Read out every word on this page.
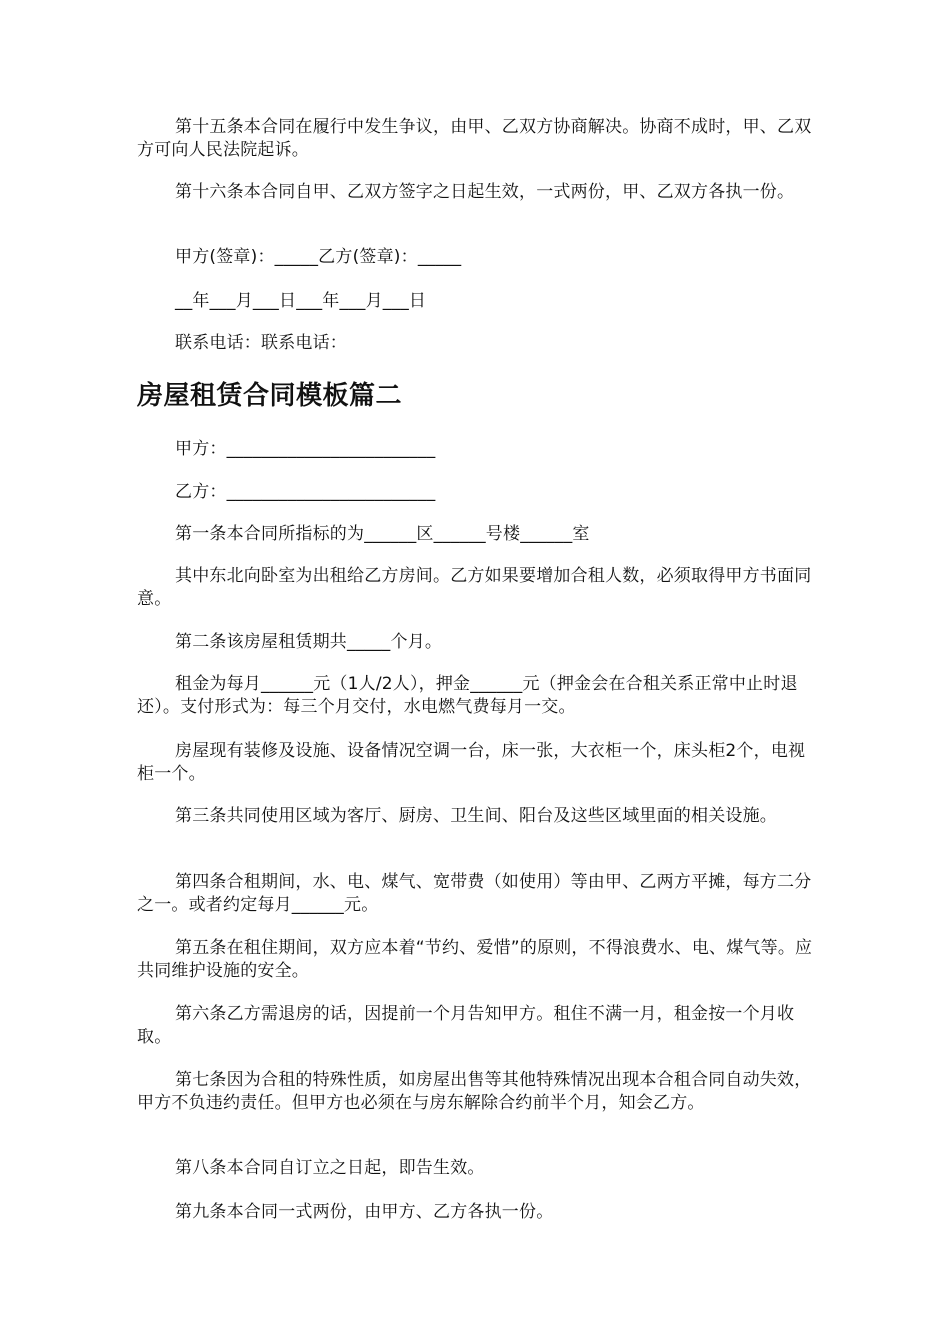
第十五条本合同在履行中发生争议，由甲、乙双方协商解决。协商不成时，甲、乙双方可向人民法院起诉。

第十六条本合同自甲、乙双方签字之日起生效，一式两份，甲、乙双方各执一份。

甲方(签章)：_____乙方(签章)：_____

__年___月___日___年___月___日

联系电话：联系电话：

房屋租赁合同模板篇二

甲方：________________________

乙方：________________________

第一条本合同所指标的为______区______号楼______室

其中东北向卧室为出租给乙方房间。乙方如果要增加合租人数，必须取得甲方书面同意。

第二条该房屋租赁期共_____个月。

租金为每月______元（1人/2人），押金______元（押金会在合租关系正常中止时退还）。支付形式为：每三个月交付，水电燃气费每月一交。

房屋现有装修及设施、设备情况空调一台，床一张，大衣柜一个，床头柜2个，电视柜一个。

第三条共同使用区域为客厅、厨房、卫生间、阳台及这些区域里面的相关设施。

第四条合租期间，水、电、煤气、宽带费（如使用）等由甲、乙两方平摊，每方二分之一。或者约定每月______元。

第五条在租住期间，双方应本着“节约、爱惜”的原则，不得浪费水、电、煤气等。应共同维护设施的安全。

第六条乙方需退房的话，因提前一个月告知甲方。租住不满一月，租金按一个月收取。

第七条因为合租的特殊性质，如房屋出售等其他特殊情况出现本合租合同自动失效，甲方不负违约责任。但甲方也必须在与房东解除合约前半个月，知会乙方。

第八条本合同自订立之日起，即告生效。

第九条本合同一式两份，由甲方、乙方各执一份。
